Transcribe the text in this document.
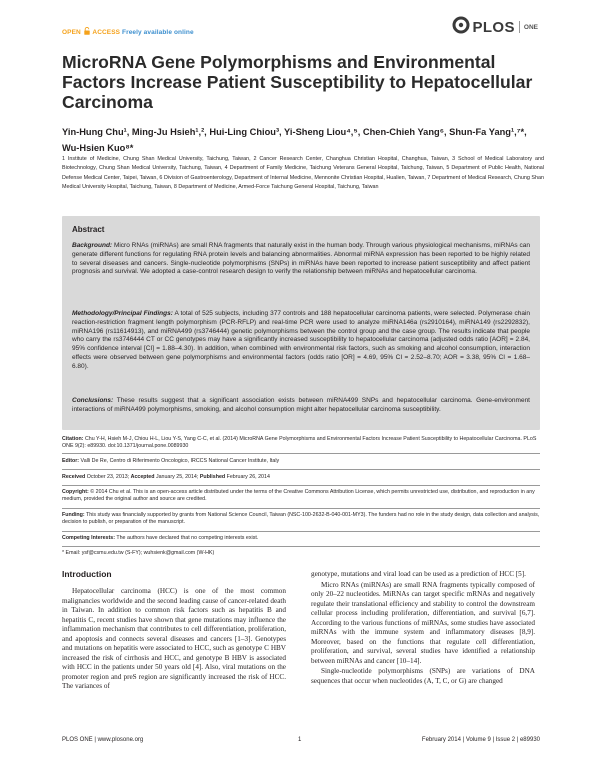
OPEN ACCESS Freely available online	PLOS ONE
MicroRNA Gene Polymorphisms and Environmental Factors Increase Patient Susceptibility to Hepatocellular Carcinoma

Yin-Hung Chu¹, Ming-Ju Hsieh¹,², Hui-Ling Chiou³, Yi-Sheng Liou⁴,⁵, Chen-Chieh Yang⁶, Shun-Fa Yang¹,⁷*, Wu-Hsien Kuo⁸*

1 Institute of Medicine, Chung Shan Medical University, Taichung, Taiwan, 2 Cancer Research Center, Changhua Christian Hospital, Changhua, Taiwan, 3 School of Medical Laboratory and Biotechnology, Chung Shan Medical University, Taichung, Taiwan, 4 Department of Family Medicine, Taichung Veterans General Hospital, Taichung, Taiwan, 5 Department of Public Health, National Defense Medical Center, Taipei, Taiwan, 6 Division of Gastroenterology, Department of Internal Medicine, Mennonite Christian Hospital, Hualien, Taiwan, 7 Department of Medical Research, Chung Shan Medical University Hospital, Taichung, Taiwan, 8 Department of Medicine, Armed-Force Taichung General Hospital, Taichung, Taiwan

Abstract

Background: Micro RNAs (miRNAs) are small RNA fragments that naturally exist in the human body. Through various physiological mechanisms, miRNAs can generate different functions for regulating RNA protein levels and balancing abnormalities. Abnormal miRNA expression has been reported to be highly related to several diseases and cancers. Single-nucleotide polymorphisms (SNPs) in miRNAs have been reported to increase patient susceptibility and affect patient prognosis and survival. We adopted a case-control research design to verify the relationship between miRNAs and hepatocellular carcinoma.

Methodology/Principal Findings: A total of 525 subjects, including 377 controls and 188 hepatocellular carcinoma patients, were selected. Polymerase chain reaction-restriction fragment length polymorphism (PCR-RFLP) and real-time PCR were used to analyze miRNA146a (rs2910164), miRNA149 (rs2292832), miRNA196 (rs11614913), and miRNA499 (rs3746444) genetic polymorphisms between the control group and the case group. The results indicate that people who carry the rs3746444 CT or CC genotypes may have a significantly increased susceptibility to hepatocellular carcinoma (adjusted odds ratio [AOR] = 2.84, 95% confidence interval [CI] = 1.88–4.30). In addition, when combined with environmental risk factors, such as smoking and alcohol consumption, interaction effects were observed between gene polymorphisms and environmental factors (odds ratio [OR] = 4.69, 95% CI = 2.52–8.70; AOR = 3.38, 95% CI = 1.68–6.80).

Conclusions: These results suggest that a significant association exists between miRNA499 SNPs and hepatocellular carcinoma. Gene-environment interactions of miRNA499 polymorphisms, smoking, and alcohol consumption might alter hepatocellular carcinoma susceptibility.

Citation: Chu Y-H, Hsieh M-J, Chiou H-L, Liou Y-S, Yang C-C, et al. (2014) MicroRNA Gene Polymorphisms and Environmental Factors Increase Patient Susceptibility to Hepatocellular Carcinoma. PLoS ONE 9(2): e89930. doi:10.1371/journal.pone.0089930

Editor: Valli De Re, Centro di Riferimento Oncologico, IRCCS National Cancer Institute, Italy

Received October 23, 2013; Accepted January 25, 2014; Published February 26, 2014

Copyright: © 2014 Chu et al. This is an open-access article distributed under the terms of the Creative Commons Attribution License, which permits unrestricted use, distribution, and reproduction in any medium, provided the original author and source are credited.

Funding: This study was financially supported by grants from National Science Council, Taiwan (NSC-100-2632-B-040-001-MY3). The funders had no role in the study design, data collection and analysis, decision to publish, or preparation of the manuscript.

Competing Interests: The authors have declared that no competing interests exist.

* Email: ysf@csmu.edu.tw (S-FY); wuhsienk@gmail.com (W-HK)

Introduction

Hepatocellular carcinoma (HCC) is one of the most common malignancies worldwide and the second leading cause of cancer-related death in Taiwan. In addition to common risk factors such as hepatitis B and hepatitis C, recent studies have shown that gene mutations may influence the inflammation mechanism that contributes to cell differentiation, proliferation, and apoptosis and connects several diseases and cancers [1–3]. Genotypes and mutations on hepatitis were associated to HCC, such as genotype C HBV increased the risk of cirrhosis and HCC, and genotype B HBV is associated with HCC in the patients under 50 years old [4]. Also, viral mutations on the promoter region and preS region are significantly increased the risk of HCC. The variances of

genotype, mutations and viral load can be used as a prediction of HCC [5].

Micro RNAs (miRNAs) are small RNA fragments typically composed of only 20–22 nucleotides. MiRNAs can target specific mRNAs and negatively regulate their translational efficiency and stability to control the downstream cellular process including proliferation, differentiation, and survival [6,7]. According to the various functions of miRNAs, some studies have associated miRNAs with the immune system and inflammatory diseases [8,9]. Moreover, based on the functions that regulate cell differentiation, proliferation, and survival, several studies have identified a relationship between miRNAs and cancer [10–14].

Single-nucleotide polymorphisms (SNPs) are variations of DNA sequences that occur when nucleotides (A, T, C, or G) are changed

PLOS ONE | www.plosone.org	1	February 2014 | Volume 9 | Issue 2 | e89930
